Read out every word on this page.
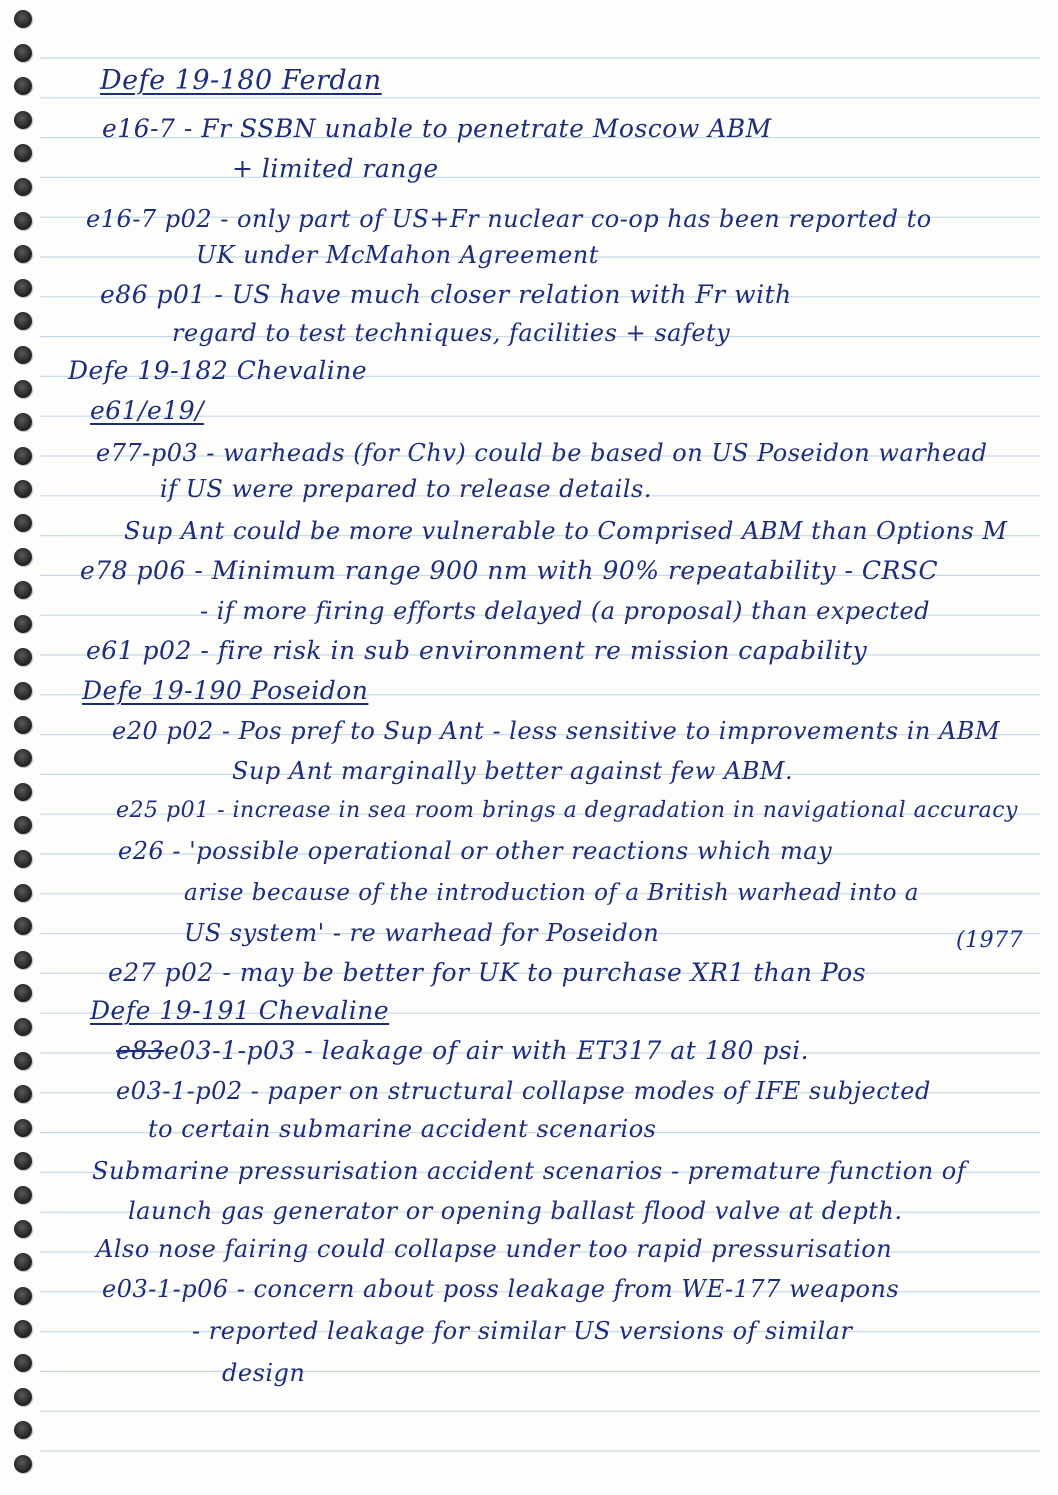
Defe 19-180 Ferdan
e16-7 - Fr SSBN unable to penetrate Moscow ABM
+ limited range
e16-7 p02 - only part of US+Fr nuclear co-op has been reported to
UK under McMahon Agreement
e86 p01 - US have much closer relation with Fr with
regard to test techniques, facilities + safety
Defe 19-182 Chevaline
e61/e19/
e77-p03 - warheads (for Chv) could be based on US Poseidon warhead
if US were prepared to release details.
Sup Ant could be more vulnerable to Comprised ABM than Options M
e78 p06 - Minimum range 900 nm with 90% repeatability - CRSC
- if more firing efforts delayed (a proposal) than expected
e61 p02 - fire risk in sub environment re mission capability
Defe 19-190 Poseidon
e20 p02 - Pos pref to Sup Ant - less sensitive to improvements in ABM
Sup Ant marginally better against few ABM.
e25 p01 - increase in sea room brings a degradation in navigational accuracy
e26 - 'possible operational or other reactions which may
arise because of the introduction of a British warhead into a
US system' - re warhead for Poseidon	(1977
e27 p02 - may be better for UK to purchase XR1 than Pos
Defe 19-191 Chevaline
e83e03-1-p03 - leakage of air with ET317 at 180 psi.
e03-1-p02 - paper on structural collapse modes of IFE subjected
to certain submarine accident scenarios
Submarine pressurisation accident scenarios - premature function of
launch gas generator or opening ballast flood valve at depth.
Also nose fairing could collapse under too rapid pressurisation
e03-1-p06 - concern about poss leakage from WE-177 weapons
- reported leakage for similar US versions of similar
design
